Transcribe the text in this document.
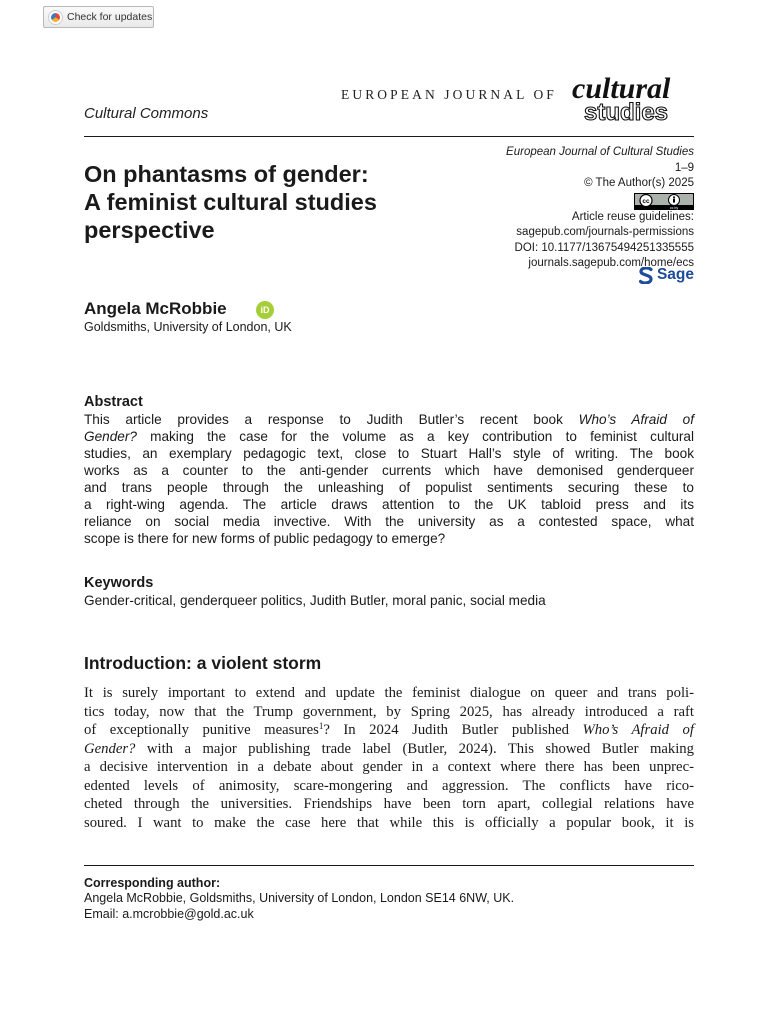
Check for updates
EUROPEAN JOURNAL OF cultural
studies
Cultural Commons
On phantasms of gender:
A feminist cultural studies
perspective
European Journal of Cultural Studies
1–9
© The Author(s) 2025
cc
cc by
Article reuse guidelines:
sagepub.com/journals-permissions
DOI: 10.1177/13675494251335555
journals.sagepub.com/home/ecs
Sage
Angela McRobbie	iD
Goldsmiths, University of London, UK
Abstract
This article provides a response to Judith Butler’s recent book Who’s Afraid of
Gender? making the case for the volume as a key contribution to feminist cultural
studies, an exemplary pedagogic text, close to Stuart Hall’s style of writing. The book
works as a counter to the anti-gender currents which have demonised genderqueer
and trans people through the unleashing of populist sentiments securing these to
a right-wing agenda. The article draws attention to the UK tabloid press and its
reliance on social media invective. With the university as a contested space, what
scope is there for new forms of public pedagogy to emerge?
Keywords
Gender-critical, genderqueer politics, Judith Butler, moral panic, social media
Introduction: a violent storm
It is surely important to extend and update the feminist dialogue on queer and trans poli-
tics today, now that the Trump government, by Spring 2025, has already introduced a raft
of exceptionally punitive measures$^1$? In 2024 Judith Butler published Who’s Afraid of
Gender? with a major publishing trade label (Butler, 2024). This showed Butler making
a decisive intervention in a debate about gender in a context where there has been unprec-
edented levels of animosity, scare-mongering and aggression. The conflicts have rico-
cheted through the universities. Friendships have been torn apart, collegial relations have
soured. I want to make the case here that while this is officially a popular book, it is
Corresponding author:
Angela McRobbie, Goldsmiths, University of London, London SE14 6NW, UK.
Email: a.mcrobbie@gold.ac.uk
